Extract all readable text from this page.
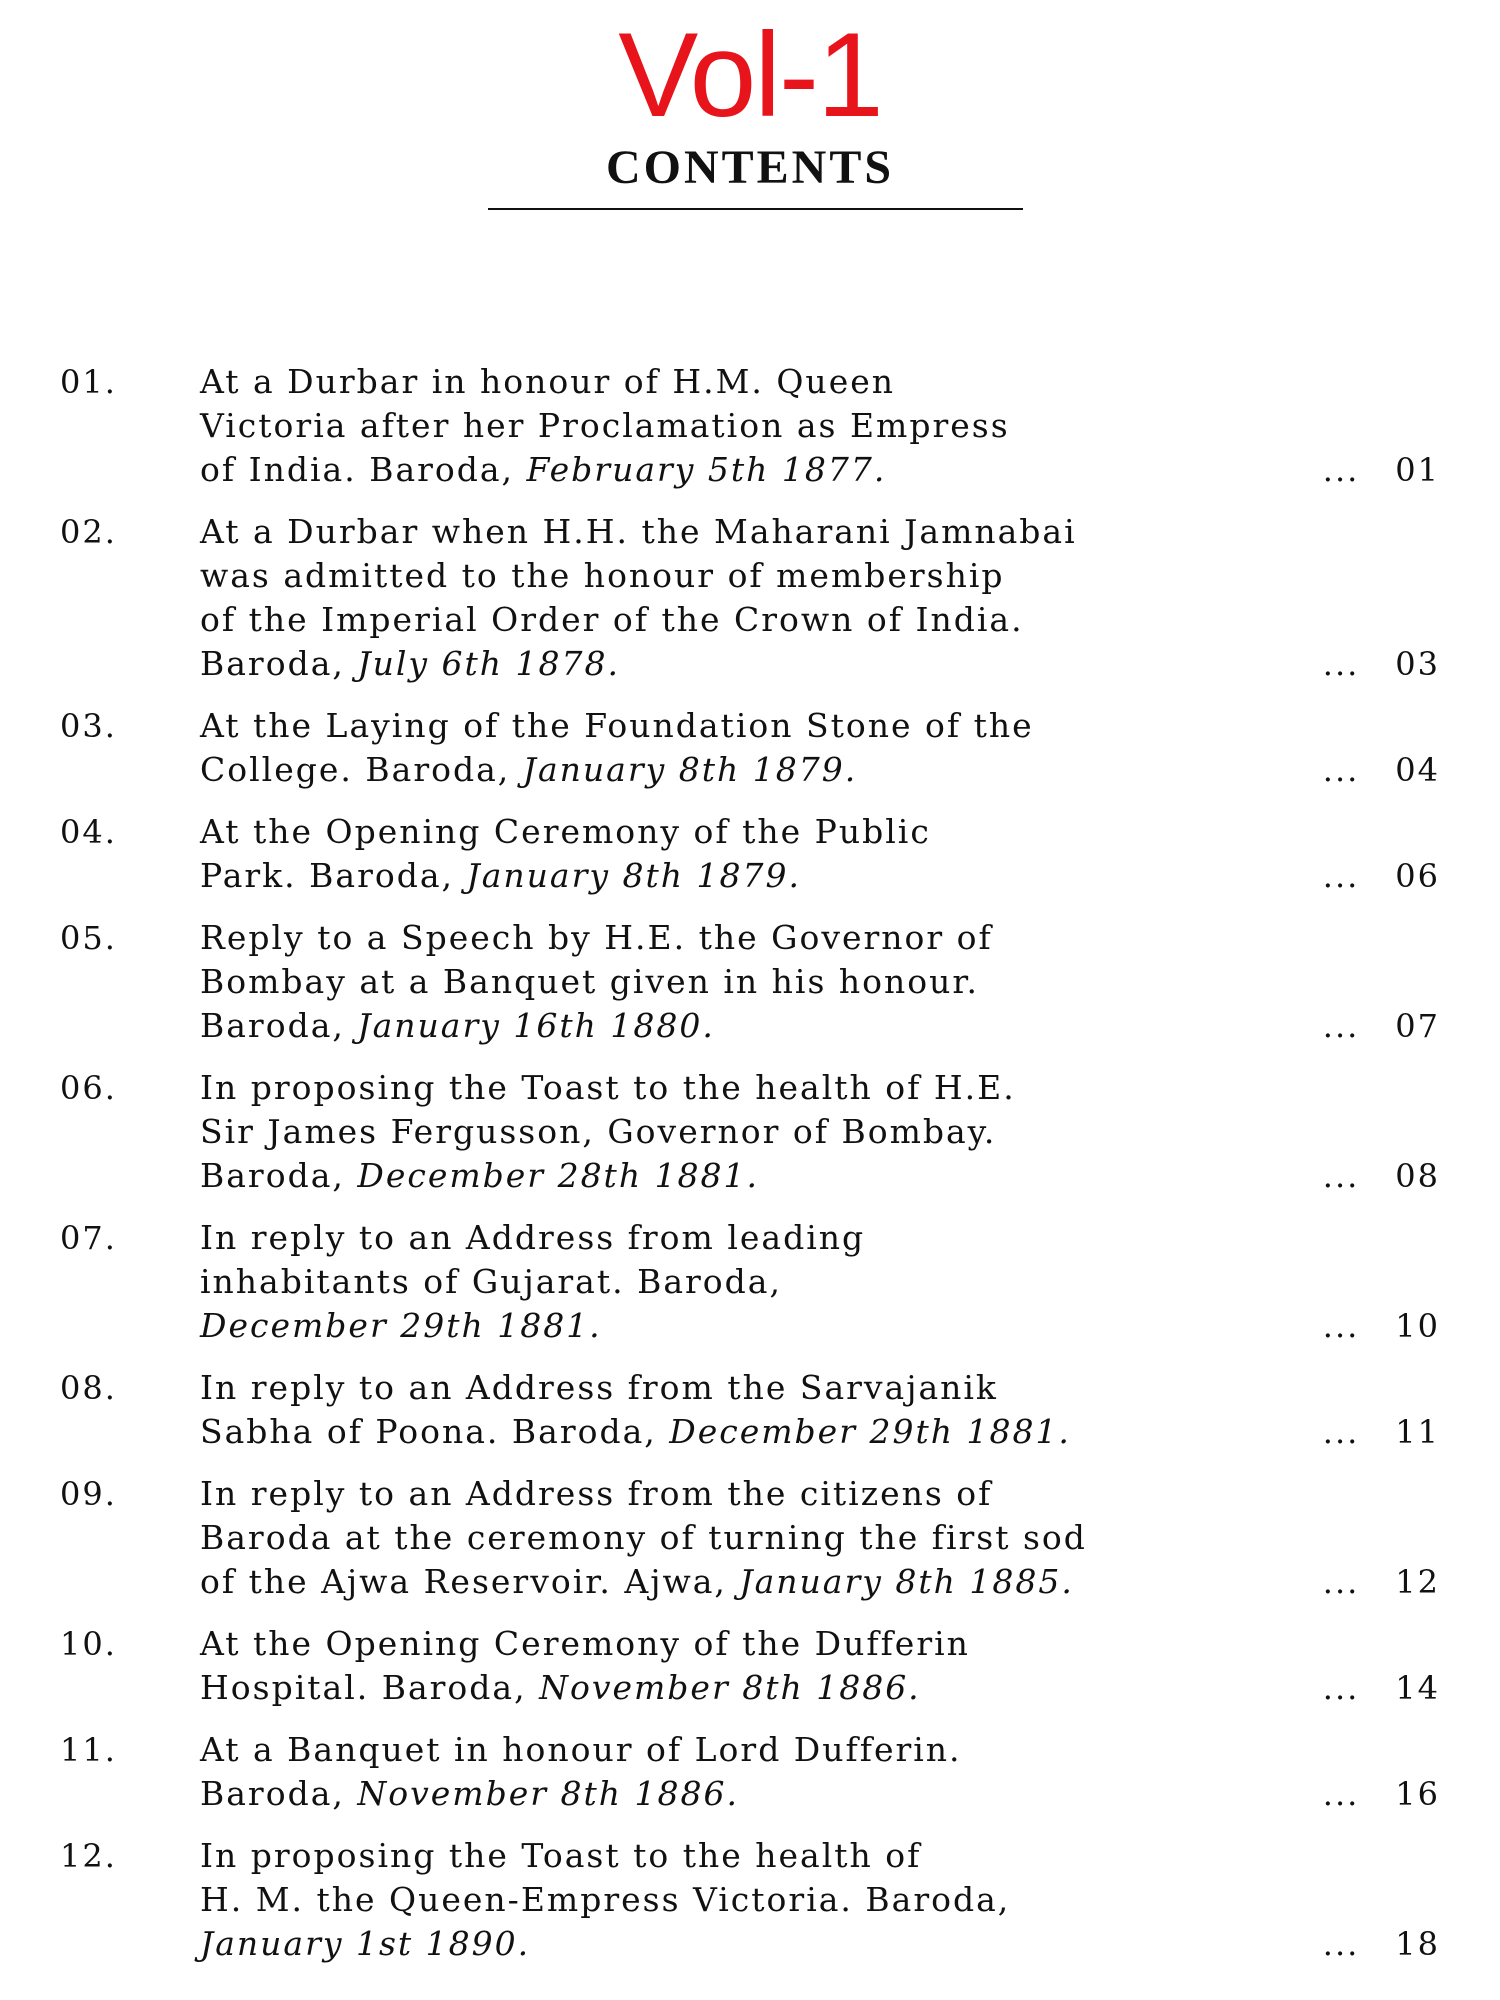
Vol-1
CONTENTS
01.	At a Durbar in honour of H.M. Queen
Victoria after her Proclamation as Empress
of India. Baroda, February 5th 1877.	... 01
02.	At a Durbar when H.H. the Maharani Jamnabai
was admitted to the honour of membership
of the Imperial Order of the Crown of India.
Baroda, July 6th 1878.	... 03
03.	At the Laying of the Foundation Stone of the
College. Baroda, January 8th 1879.	... 04
04.	At the Opening Ceremony of the Public
Park. Baroda, January 8th 1879.	... 06
05.	Reply to a Speech by H.E. the Governor of
Bombay at a Banquet given in his honour.
Baroda, January 16th 1880.	... 07
06.	In proposing the Toast to the health of H.E.
Sir James Fergusson, Governor of Bombay.
Baroda, December 28th 1881.	... 08
07.	In reply to an Address from leading
inhabitants of Gujarat. Baroda,
December 29th 1881.	... 10
08.	In reply to an Address from the Sarvajanik
Sabha of Poona. Baroda, December 29th 1881.	... 11
09.	In reply to an Address from the citizens of
Baroda at the ceremony of turning the first sod
of the Ajwa Reservoir. Ajwa, January 8th 1885.	... 12
10.	At the Opening Ceremony of the Dufferin
Hospital. Baroda, November 8th 1886.	... 14
11.	At a Banquet in honour of Lord Dufferin.
Baroda, November 8th 1886.	... 16
12.	In proposing the Toast to the health of
H. M. the Queen-Empress Victoria. Baroda,
January 1st 1890.	... 18
